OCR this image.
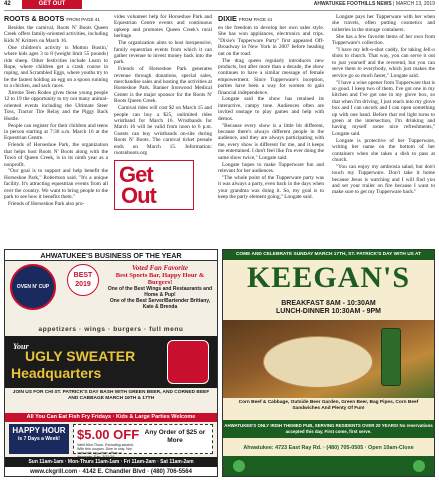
42	GET OUT	AHWATUKEE FOOTHILLS NEWS | MARCH 13, 2019
ROOTS & BOOTS FROM PAGE 41

Besides the carnival, Roots N' Boots Queen Creek offers family-oriented activities, including Kids N' Kritters on March 16.

One children's activity is Mutton Bustin,' where kids ages 3 to 8 (weight limit 55 pounds) ride sheep. Other festivities include Learn to Rope, where children get a crash course in roping, and Scrambled Eggs, where youths try to be the fastest holding an egg on a spoon running to a chicken, and sack races.

Xtreme Teen Rodeo gives those young people 12 to 19 the opportunity to try out many animal-oriented events including the Ultimate Steer Toss, Tractor Tire Relay and the Piggy Back Hustle.

People can register for their children and teens in person starting at 7:30 a.m. March 16 at the Equestrian Centre.

Friends of Horseshoe Park, the organization that helps host Roots N' Boots along with the Town of Queen Creek, is in its ninth year as a nonprofit.

"Our goal is to support and help benefit the Horseshoe Park," Robertson said. "It's a unique facility. It's attracting equestrian events from all over the country. We want to bring people to the park to see how it benefits them."

Friends of Horseshoe Park also pro-

vides volunteer help for Horseshoe Park and Equestrian Centre events and continuous upkeep and promotes Queen Creek's rural heritage.

The organization aims to host inexpensive, family equestrian events from which it can gather revenue to invest money back into the park.

Friends of Horseshoe Park generates revenue through donations, special sales, merchandise sales and hosting the activities at Horseshoe Park. Banner Ironwood Medical Center is the major sponsor for the Roots N' Boots Queen Creek.

Carnival rides will cost $2 on March 15 and people can buy a $25, unlimited rides wristband for March 16. Wristbands for March 16 will be valid from noon to 6 p.m. Guests can buy wristbands on-site during Roots N' Boots. The carnival ticket presale ends on March 15. Information: rootsnboots.org

Get
Out
DIXIE FROM PAGE 41

en the freedom to develop her own sales style. She has won appliances, electronics and trips. "Dixie's Tupperware Party" first appeared Off-Broadway in New York in 2007 before heading out on the road.

The drag queen regularly introduces new products, but after more than a decade, the show continues to have a similar message of female empowerment. Since Tupperware's inception, parties have been a way for women to gain financial independence.

Longate said the show has retained its interactive, campy tone. Audiences often are invited onstage to play games and help with demos.

"Because every show is a little bit different, because there's always different people in the audience, and they are always participating with me, every show is different for me, and it keeps me entertained. I don't feel like I'm ever doing the same show twice," Longate said.

Longate hopes to make Tupperware fun and relevant for her audiences.

"The whole point of the Tupperware party was it was always a party, even back in the days when your grandma was doing it. So, my goal is to keep the party element going," Longate said.

Longate pays her Tupperware with her when she travels, often putting cosmetics and toiletries in the storage containers.

She has a few favorite items of her own from Tupperware's collection.

"I have my left-o-shot caddy, for taking Jell-o shots to church. That way, you can serve it out to just yourself and the reverend, but you can serve them to everybody, which just makes the service go so much faster," Longate said.

"I have a wine opener from Tupperware that is so good. I keep two of them. I've got one in my kitchen and I've got one in my glove box, so that when I'm driving, I just reach into my glove box and I can uncork and I can open something up with one hand. Before that red light turns to green at the intersection, I'm drinking and having myself some nice refreshments," Longate said.

Longate is protective of her Tupperware, writing her name on the bottom of her containers when she takes a dish to pass at church.

"You can enjoy my ambrosia salad, but don't touch my Tupperware. Don't take it home because Jesus is watching and I will find you and set your trailer on fire because I want to make sure to get my Tupperware back."

AHWATUKEE'S BUSINESS OF THE YEAR
OVEN N' CUP
BEST 2019
Voted Fan Favorite
Best Sports Bar, Happy Hour & Burgers!
One of the Best Wings and Restaurants and Home & Pup!
One of the Best Server/Bartender Brittany, Kate & Brenda
appetizers · wings · burgers · full menu
Your
UGLY SWEATER
Headquarters
JOIN US FOR CHI ST. PATRICK'S DAY BASH WITH GREEN BEER, AND CORNED BEEF AND CABBAGE MARCH 16TH & 17TH
All You Can Eat Fish Fry Fridays · Kids & Large Parties Welcome
HAPPY HOUR
is 7 Days a Week!	$5.00 OFF
Valid Mon-Thurs. Excluding alcohol. With this coupon. Dine in only. Not valid with any other offers or
Any Order of $25 or More
Sun 11am-1am · Mon-Thurs 11am-1am · Fri 11am-2am · Sat 11am-2am
www.ckgrill.com · 4142 E. Chandler Blvd · (480) 706-5564
COME AND CELEBRATE SUNDAY MARCH 17TH, ST. PATRICK'S DAY WITH US AT
KEEGAN'S
BREAKFAST 8AM - 10:30AM
LUNCH-DINNER 10:30AM - 9PM
Corn Beef & Cabbage, Outside Beer Garden, Green Beer, Bag Pipes, Corn Beef Sandwiches And Plenty Of Fun!
AHWATUKEE'S ONLY IRISH THEMED PUB, SERVING RESIDENTS OVER 20 YEARS! No reservations accepted this day. First come, first serve.
Ahwatukee: 4723 East Ray Rd. · (480) 705-0505 · Open 10am-Close
